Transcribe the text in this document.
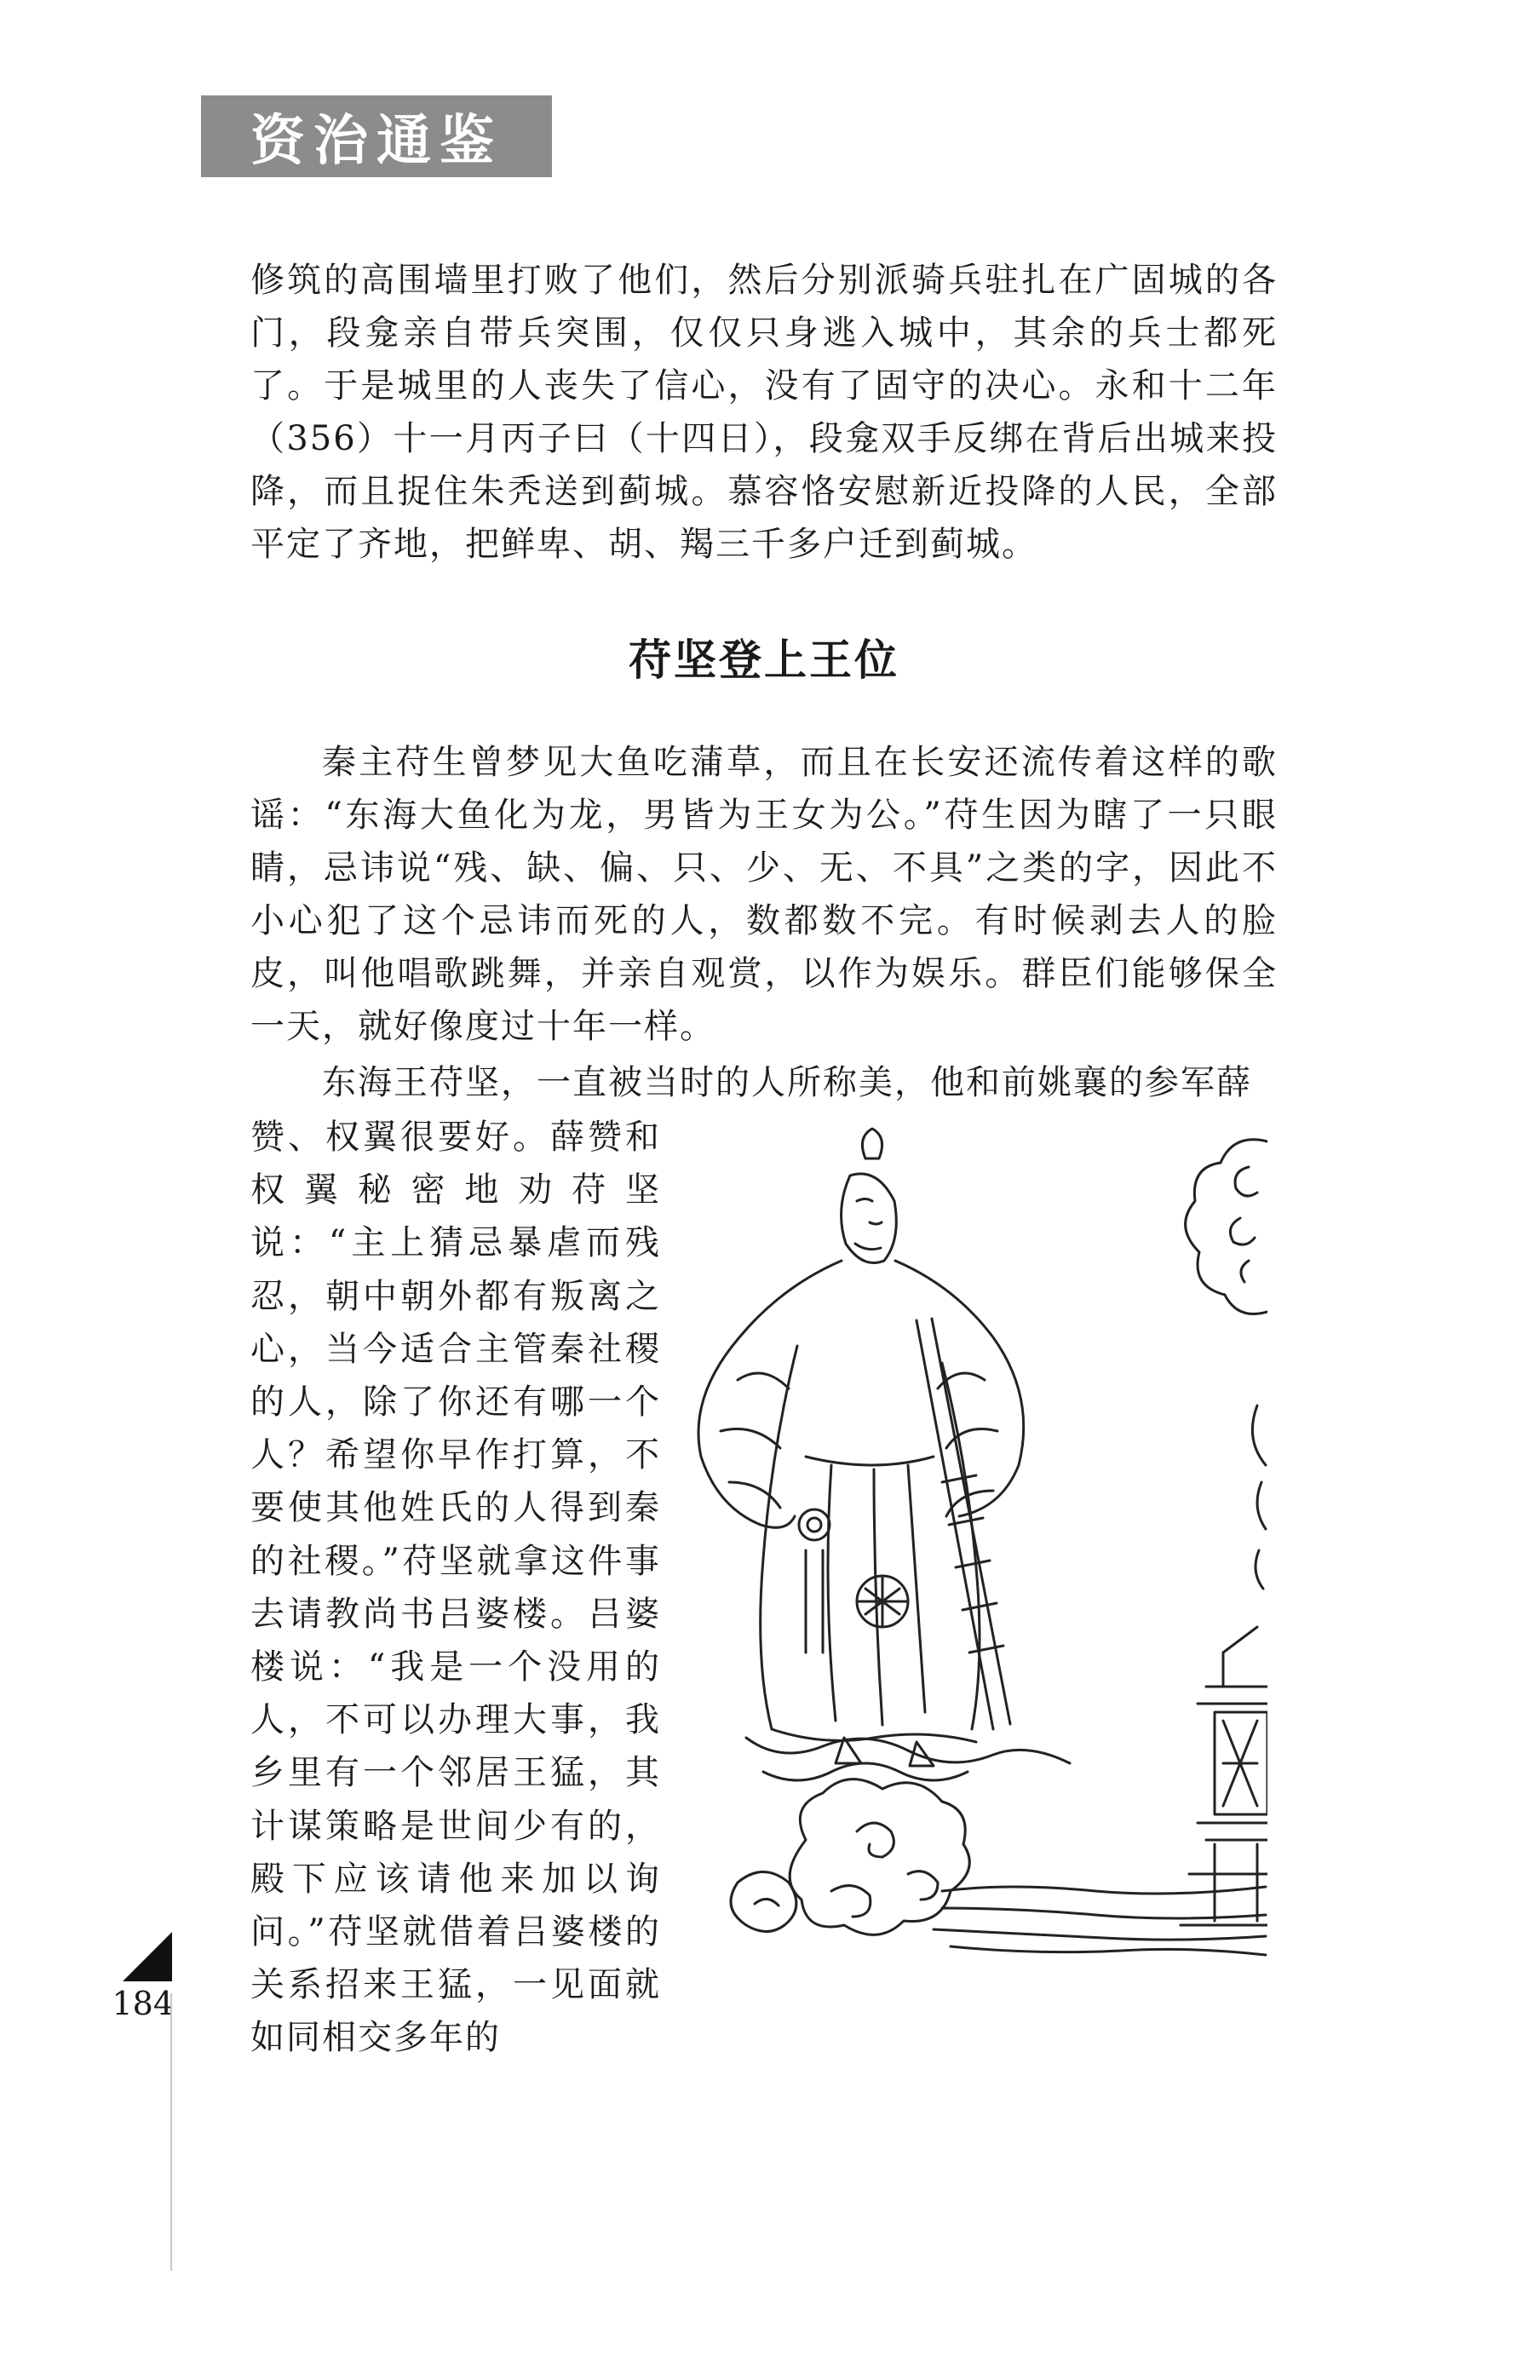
资治通鉴

修筑的高围墙里打败了他们，然后分别派骑兵驻扎在广固城的各门，段龛亲自带兵突围，仅仅只身逃入城中，其余的兵士都死了。于是城里的人丧失了信心，没有了固守的决心。永和十二年（356）十一月丙子曰（十四日），段龛双手反绑在背后出城来投降，而且捉住朱秃送到蓟城。慕容恪安慰新近投降的人民，全部平定了齐地，把鲜卑、胡、羯三千多户迁到蓟城。

苻坚登上王位

秦主苻生曾梦见大鱼吃蒲草，而且在长安还流传着这样的歌谣：“东海大鱼化为龙，男皆为王女为公。”苻生因为瞎了一只眼睛，忌讳说“残、缺、偏、只、少、无、不具”之类的字，因此不小心犯了这个忌讳而死的人，数都数不完。有时候剥去人的脸皮，叫他唱歌跳舞，并亲自观赏，以作为娱乐。群臣们能够保全一天，就好像度过十年一样。

东海王苻坚，一直被当时的人所称美，他和前姚襄的参军薛

赞、权翼很要好。薛赞和权翼秘密地劝苻坚说：“主上猜忌暴虐而残忍，朝中朝外都有叛离之心，当今适合主管秦社稷的人，除了你还有哪一个人？希望你早作打算，不要使其他姓氏的人得到秦的社稷。”苻坚就拿这件事去请教尚书吕婆楼。吕婆楼说：“我是一个没用的人，不可以办理大事，我乡里有一个邻居王猛，其计谋策略是世间少有的，殿下应该请他来加以询问。”苻坚就借着吕婆楼的关系招来王猛，一见面就如同相交多年的

184
